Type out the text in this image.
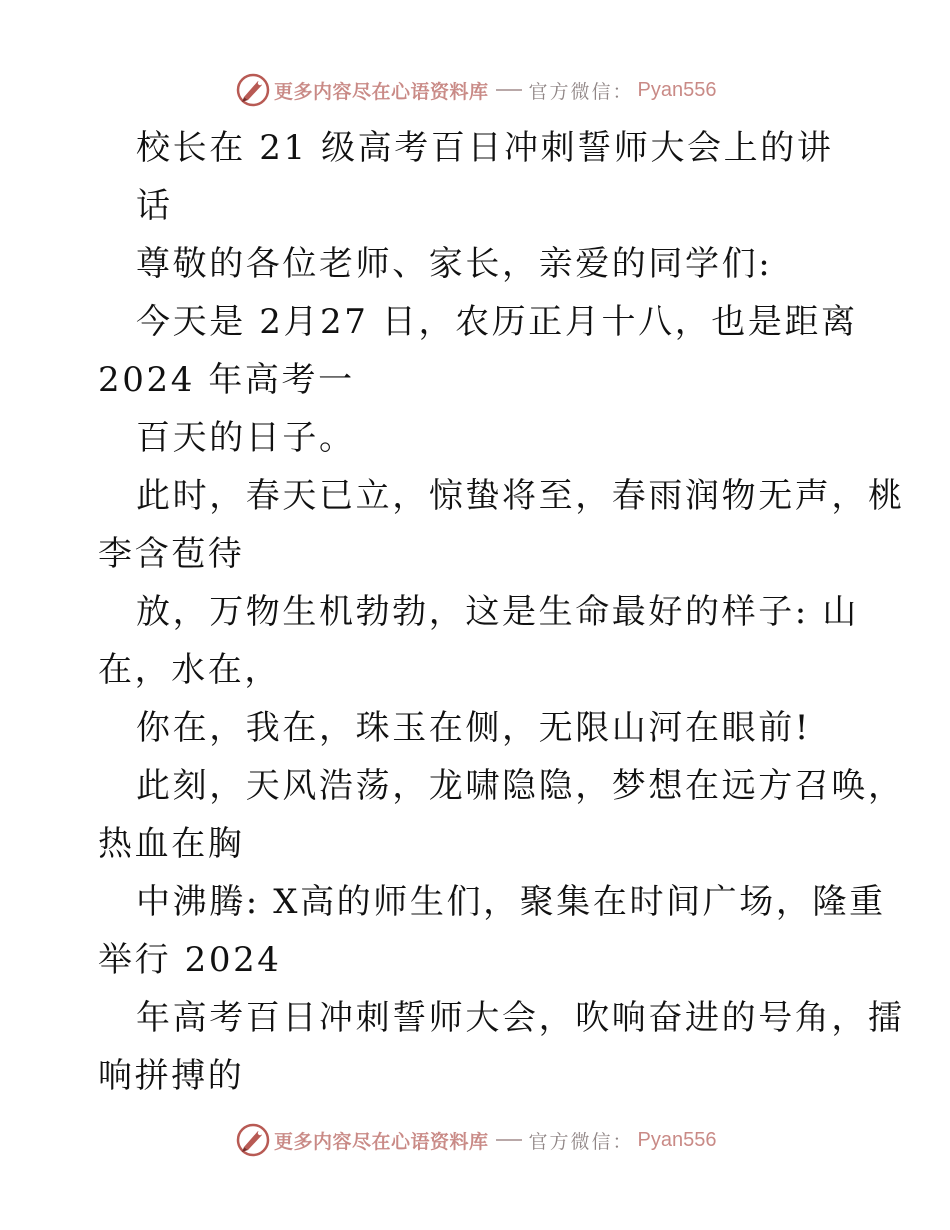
更多内容尽在心语资料库 官方微信： Pyan556
校长在 21 级高考百日冲刺誓师大会上的讲
话
尊敬的各位老师、家长，亲爱的同学们:
今天是 2月27 日，农历正月十八，也是距离
2024 年高考一
百天的日子。
此时，春天已立，惊蛰将至，春雨润物无声，桃
李含苞待
放，万物生机勃勃，这是生命最好的样子: 山
在，水在，
你在，我在，珠玉在侧，无限山河在眼前!
此刻，天风浩荡，龙啸隐隐，梦想在远方召唤，
热血在胸
中沸腾: X高的师生们，聚集在时间广场，隆重
举行 2024
年高考百日冲刺誓师大会，吹响奋进的号角，擂
响拼搏的
更多内容尽在心语资料库 官方微信： Pyan556
